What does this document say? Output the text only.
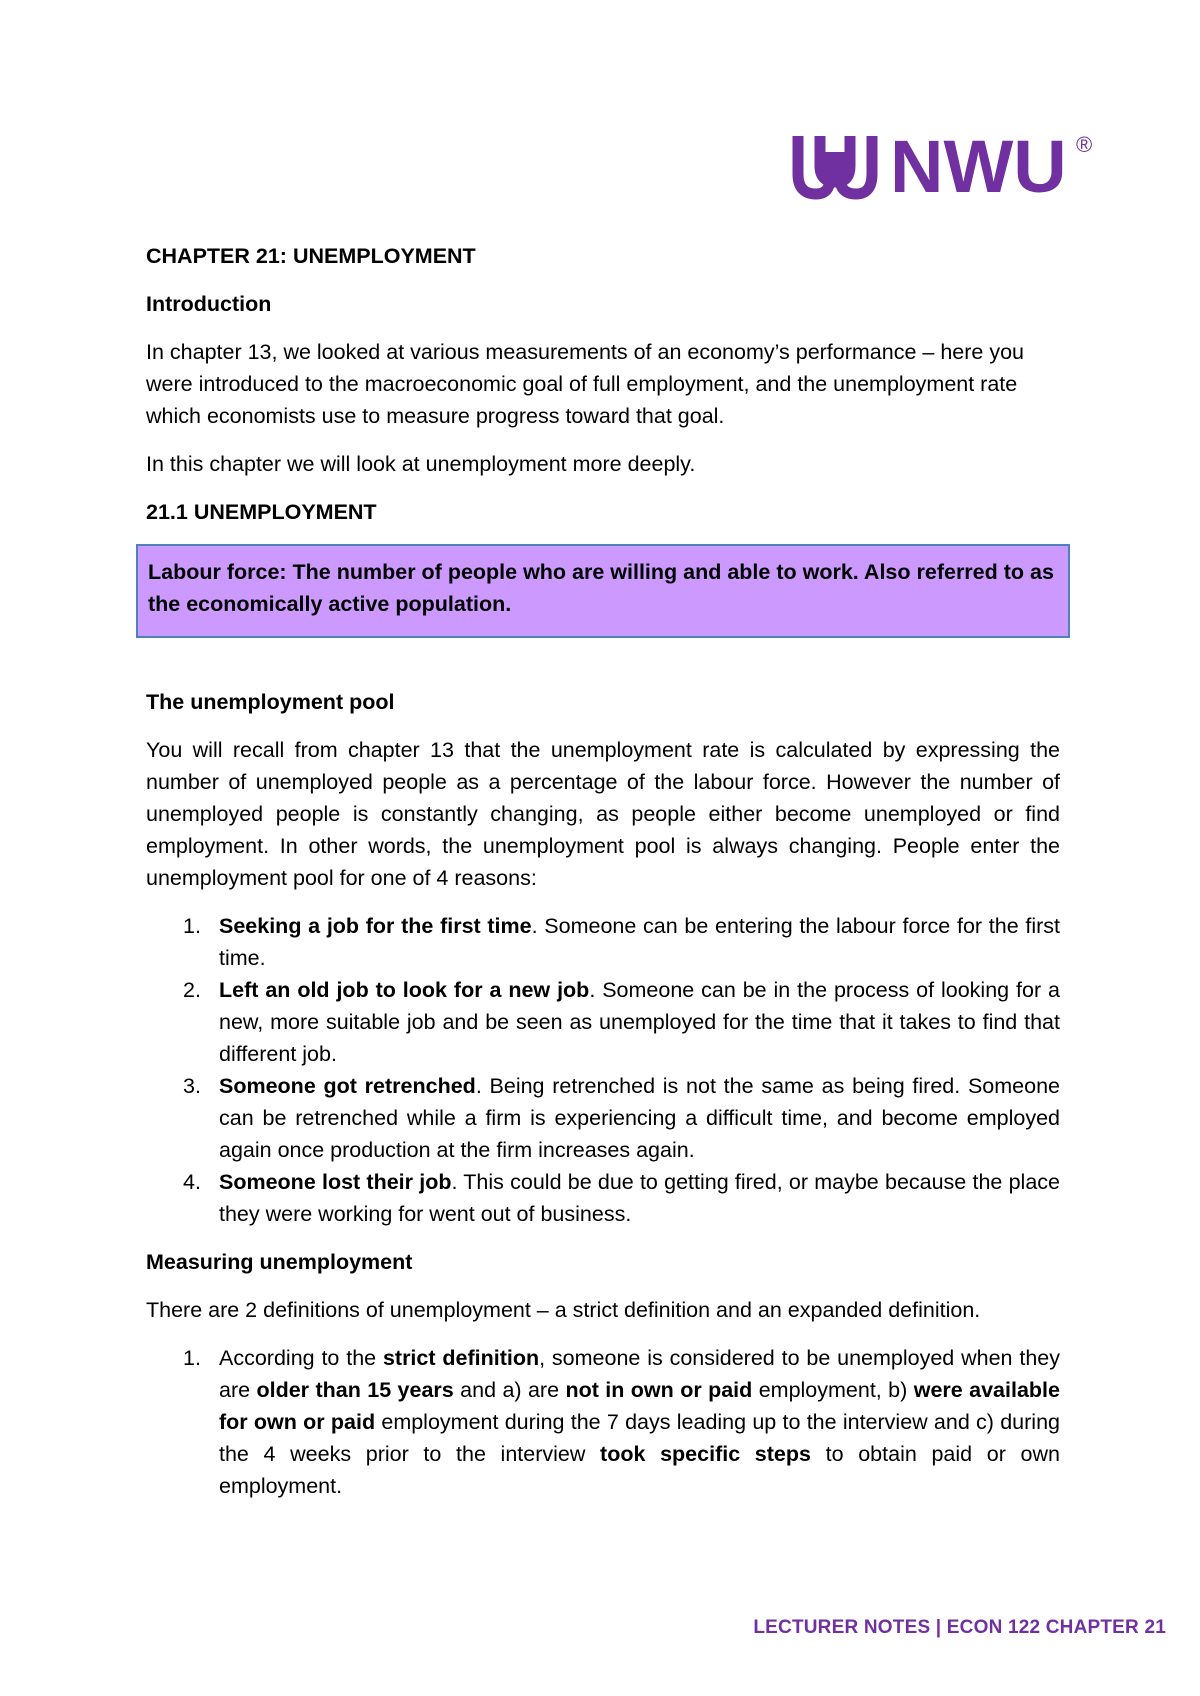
NWU ®
CHAPTER 21: UNEMPLOYMENT
Introduction

In chapter 13, we looked at various measurements of an economy’s performance – here you were introduced to the macroeconomic goal of full employment, and the unemployment rate which economists use to measure progress toward that goal.

In this chapter we will look at unemployment more deeply.

21.1 UNEMPLOYMENT
Labour force: The number of people who are willing and able to work. Also referred to as the economically active population.
The unemployment pool

You will recall from chapter 13 that the unemployment rate is calculated by expressing the number of unemployed people as a percentage of the labour force. However the number of unemployed people is constantly changing, as people either become unemployed or find employment. In other words, the unemployment pool is always changing. People enter the unemployment pool for one of 4 reasons:

1. Seeking a job for the first time. Someone can be entering the labour force for the first time.
2. Left an old job to look for a new job. Someone can be in the process of looking for a new, more suitable job and be seen as unemployed for the time that it takes to find that different job.
3. Someone got retrenched. Being retrenched is not the same as being fired. Someone can be retrenched while a firm is experiencing a difficult time, and become employed again once production at the firm increases again.
4. Someone lost their job. This could be due to getting fired, or maybe because the place they were working for went out of business.
Measuring unemployment

There are 2 definitions of unemployment – a strict definition and an expanded definition.

1. According to the strict definition, someone is considered to be unemployed when they are older than 15 years and a) are not in own or paid employment, b) were available for own or paid employment during the 7 days leading up to the interview and c) during the 4 weeks prior to the interview took specific steps to obtain paid or own employment.
LECTURER NOTES | ECON 122 CHAPTER 21
